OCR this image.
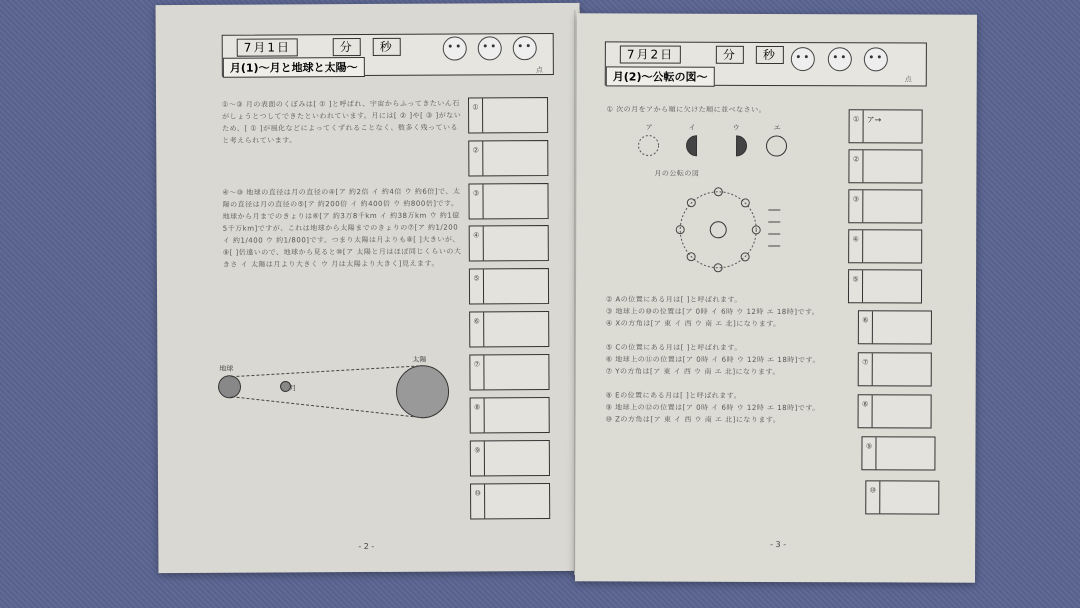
7月1日	分	秒
月(1)〜月と地球と太陽〜	点
①〜③ 月の表面のくぼみは[ ① ]と呼ばれ、宇宙からふってきたいん石がしょうとつしてできたといわれています。月には[ ② ]や[ ③ ]がないため、[ ① ]が風化などによってくずれることなく、数多く残っていると考えられています。
④〜⑩ 地球の直径は月の直径の④[ア 約2倍 イ 約4倍 ウ 約6倍]で、太陽の直径は月の直径の⑤[ア 約200倍 イ 約400倍 ウ 約800倍]です。地球から月までのきょりは⑥[ア 約3万8千km イ 約38万km ウ 約1億5千万km]ですが、これは地球から太陽までのきょりの⑦[ア 約1/200 イ 約1/400 ウ 約1/800]です。つまり太陽は月よりも⑧[ ]大きいが、⑨[ ]倍遠いので、地球から見ると⑩[ア 太陽と月はほぼ同じくらいの大きさ イ 太陽は月より大きく ウ 月は太陽より大きく]見えます。
地球
月
太陽
①
②
③
④
⑤
⑥
⑦
⑧
⑨
⑩
- 2 -
7月2日	分	秒
月(2)〜公転の図〜	点
① 次の月をアから順に欠けた順に並べなさい。
ア	イ	ウ	エ
月の公転の図
② Aの位置にある月は[ ]と呼ばれます。
③ 地球上の⑩の位置は[ア 0時 イ 6時 ウ 12時 エ 18時]です。
④ Xの方角は[ア 東 イ 西 ウ 南 エ 北]になります。

⑤ Cの位置にある月は[ ]と呼ばれます。
⑥ 地球上の⑪の位置は[ア 0時 イ 6時 ウ 12時 エ 18時]です。
⑦ Yの方角は[ア 東 イ 西 ウ 南 エ 北]になります。

⑧ Eの位置にある月は[ ]と呼ばれます。
⑨ 地球上の⑫の位置は[ア 0時 イ 6時 ウ 12時 エ 18時]です。
⑩ Zの方角は[ア 東 イ 西 ウ 南 エ 北]になります。
① ア→
②
③
④
⑤
⑥
⑦
⑧
⑨
⑩
- 3 -
